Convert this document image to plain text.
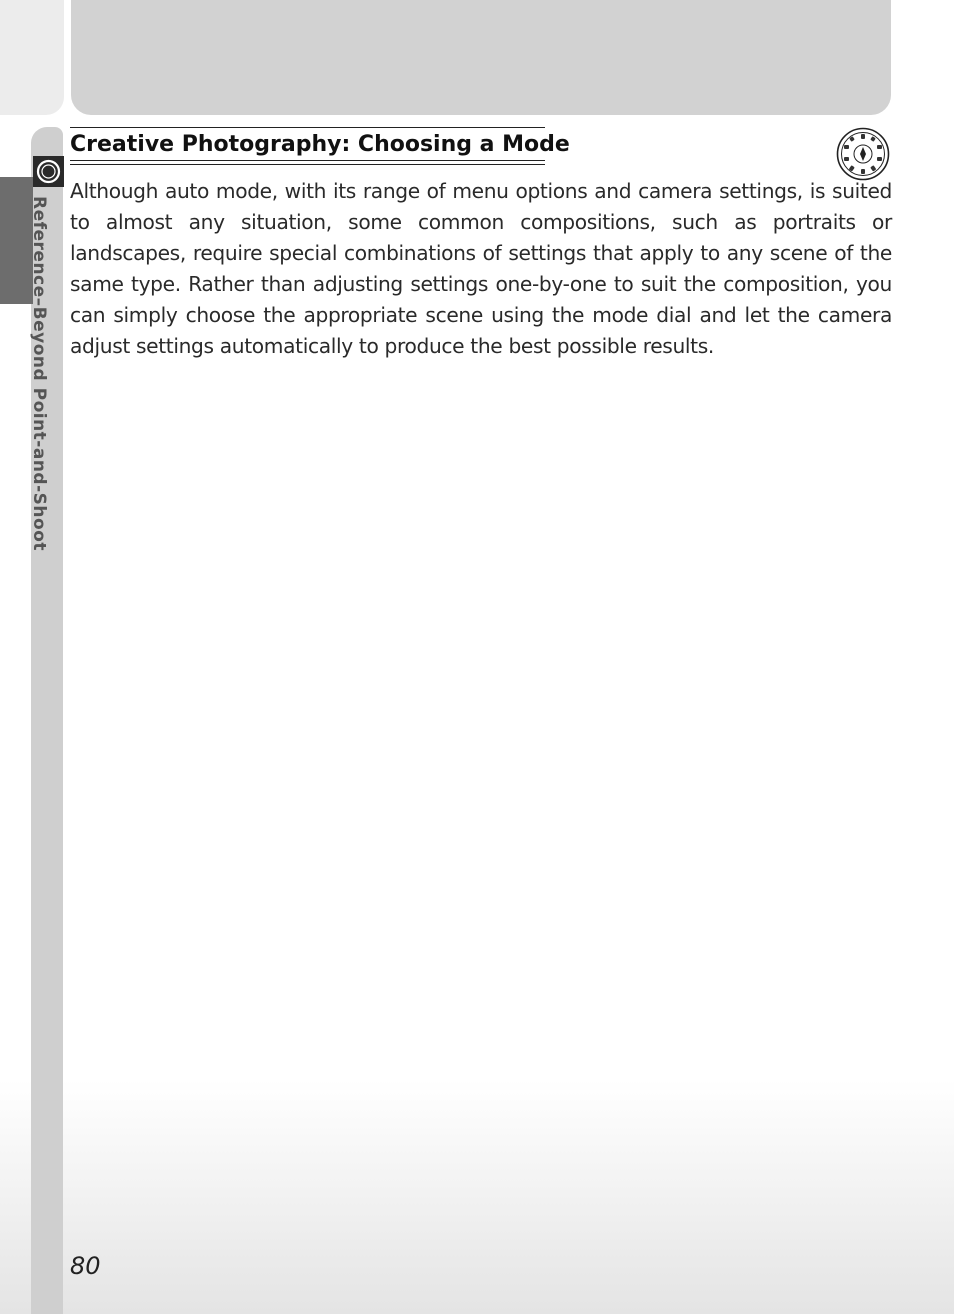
Reference–Beyond Point-and-Shoot
Creative Photography: Choosing a Mode

Although auto mode, with its range of menu options and camera settings, is suited to almost any situation, some common compositions, such as portraits or landscapes, require special combinations of settings that apply to any scene of the same type. Rather than adjusting settings one-by-one to suit the composition, you can simply choose the appropriate scene using the mode dial and let the camera adjust settings automatically to produce the best possible results.

80
